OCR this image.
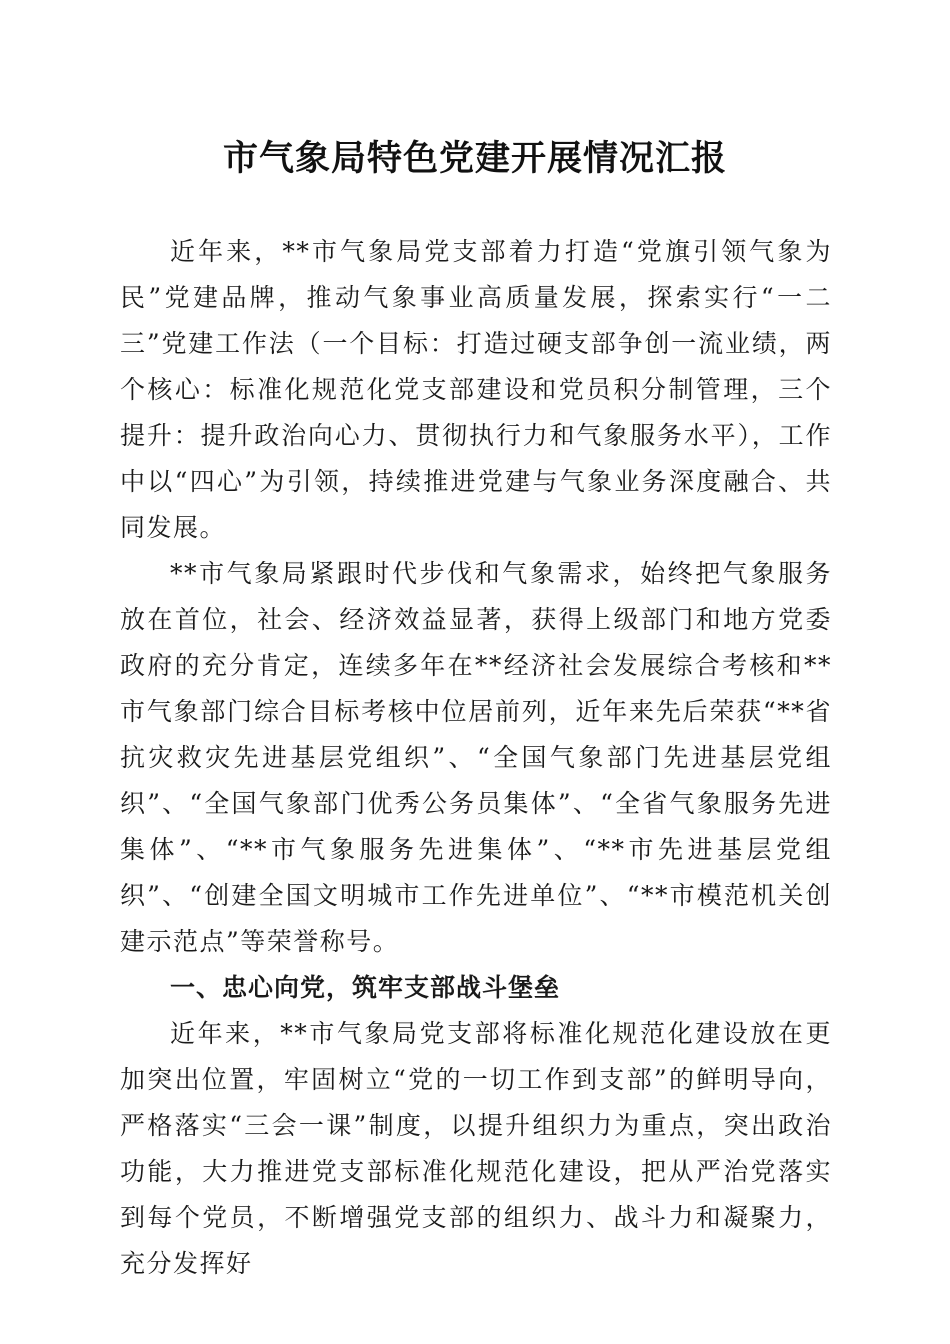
市气象局特色党建开展情况汇报

近年来，**市气象局党支部着力打造“党旗引领气象为民”党建品牌，推动气象事业高质量发展，探索实行“一二三”党建工作法（一个目标：打造过硬支部争创一流业绩，两个核心：标准化规范化党支部建设和党员积分制管理，三个提升：提升政治向心力、贯彻执行力和气象服务水平），工作中以“四心”为引领，持续推进党建与气象业务深度融合、共同发展。

**市气象局紧跟时代步伐和气象需求，始终把气象服务放在首位，社会、经济效益显著，获得上级部门和地方党委政府的充分肯定，连续多年在**经济社会发展综合考核和**市气象部门综合目标考核中位居前列，近年来先后荣获“**省抗灾救灾先进基层党组织”、“全国气象部门先进基层党组织”、“全国气象部门优秀公务员集体”、“全省气象服务先进集体”、“**市气象服务先进集体”、“**市先进基层党组织”、“创建全国文明城市工作先进单位”、“**市模范机关创建示范点”等荣誉称号。

一、忠心向党，筑牢支部战斗堡垒

近年来，**市气象局党支部将标准化规范化建设放在更加突出位置，牢固树立“党的一切工作到支部”的鲜明导向，严格落实“三会一课”制度，以提升组织力为重点，突出政治功能，大力推进党支部标准化规范化建设，把从严治党落实到每个党员，不断增强党支部的组织力、战斗力和凝聚力，充分发挥好
